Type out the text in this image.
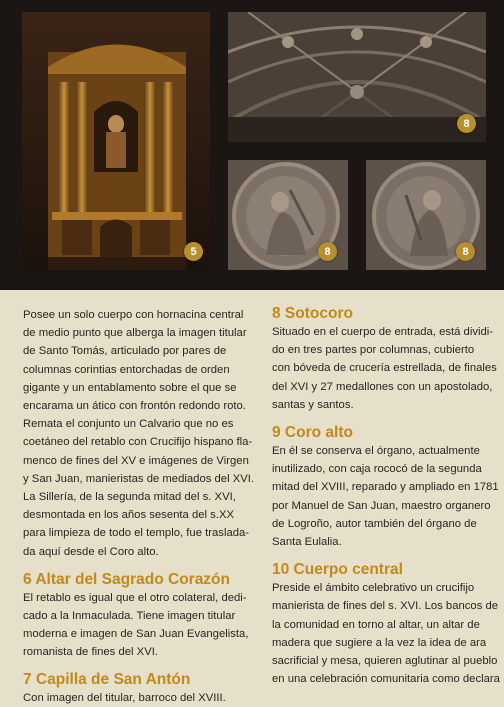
5
8
8	8

Posee un solo cuerpo con hornacina central
de medio punto que alberga la imagen titular
de Santo Tomás, articulado por pares de
columnas corintias entorchadas de orden
gigante y un entablamento sobre el que se
encarama un ático con frontón redondo roto.
Remata el conjunto un Calvario que no es
coetáneo del retablo con Crucifijo hispano fla-
menco de fines del XV e imágenes de Virgen
y San Juan, manieristas de mediados del XVI.
La Sillería, de la segunda mitad del s. XVI,
desmontada en los años sesenta del s.XX
para limpieza de todo el templo, fue traslada-
da aquí desde el Coro alto.

6 Altar del Sagrado Corazón

El retablo es igual que el otro colateral, dedi-
cado a la Inmaculada. Tiene imagen titular
moderna e imagen de San Juan Evangelista,
romanista de fines del XVI.

7 Capilla de San Antón

Con imagen del titular, barroco del XVIII.

8 Sotocoro

Situado en el cuerpo de entrada, está dividi-
do en tres partes por columnas, cubierto
con bóveda de crucería estrellada, de finales
del XVI y 27 medallones con un apostolado,
santas y santos.

9 Coro alto

En él se conserva el órgano, actualmente
inutilizado, con caja rococó de la segunda
mitad del XVIII, reparado y ampliado en 1781
por Manuel de San Juan, maestro organero
de Logroño, autor también del órgano de
Santa Eulalia.

10 Cuerpo central

Preside el ámbito celebrativo un crucifijo
manierista de fines del s. XVI. Los bancos de
la comunidad en torno al altar, un altar de
madera que sugiere a la vez la idea de ara
sacrificial y mesa, quieren aglutinar al pueblo
en una celebración comunitaria como declara
